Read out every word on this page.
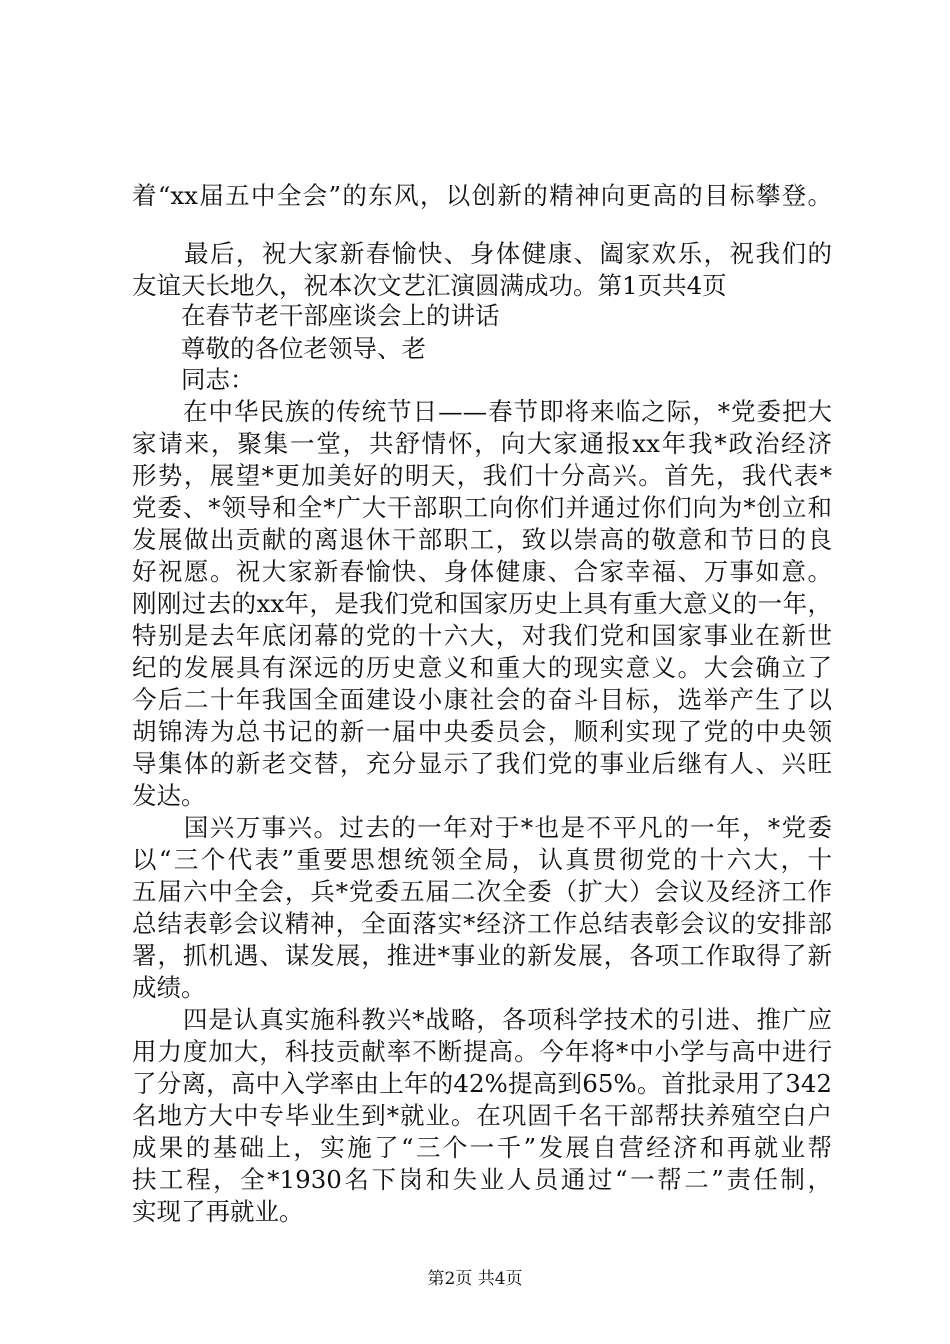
着“xx届五中全会”的东风，以创新的精神向更高的目标攀登。
　　最后，祝大家新春愉快、身体健康、阖家欢乐，祝我们的
友谊天长地久，祝本次文艺汇演圆满成功。第1页共4页
　　在春节老干部座谈会上的讲话
　　尊敬的各位老领导、老
　　同志：
　　在中华民族的传统节日——春节即将来临之际，*党委把大
家请来，聚集一堂，共舒情怀，向大家通报xx年我*政治经济
形势，展望*更加美好的明天，我们十分高兴。首先，我代表*
党委、*领导和全*广大干部职工向你们并通过你们向为*创立和
发展做出贡献的离退休干部职工，致以崇高的敬意和节日的良
好祝愿。祝大家新春愉快、身体健康、合家幸福、万事如意。
刚刚过去的xx年，是我们党和国家历史上具有重大意义的一年，
特别是去年底闭幕的党的十六大，对我们党和国家事业在新世
纪的发展具有深远的历史意义和重大的现实意义。大会确立了
今后二十年我国全面建设小康社会的奋斗目标，选举产生了以
胡锦涛为总书记的新一届中央委员会，顺利实现了党的中央领
导集体的新老交替，充分显示了我们党的事业后继有人、兴旺
发达。
　　国兴万事兴。过去的一年对于*也是不平凡的一年，*党委
以“三个代表”重要思想统领全局，认真贯彻党的十六大，十
五届六中全会，兵*党委五届二次全委（扩大）会议及经济工作
总结表彰会议精神，全面落实*经济工作总结表彰会议的安排部
署，抓机遇、谋发展，推进*事业的新发展，各项工作取得了新
成绩。
　　四是认真实施科教兴*战略，各项科学技术的引进、推广应
用力度加大，科技贡献率不断提高。今年将*中小学与高中进行
了分离，高中入学率由上年的42%提高到65%。首批录用了342
名地方大中专毕业生到*就业。在巩固千名干部帮扶养殖空白户
成果的基础上，实施了“三个一千”发展自营经济和再就业帮
扶工程，全*1930名下岗和失业人员通过“一帮二”责任制，
实现了再就业。
第2页 共4页
